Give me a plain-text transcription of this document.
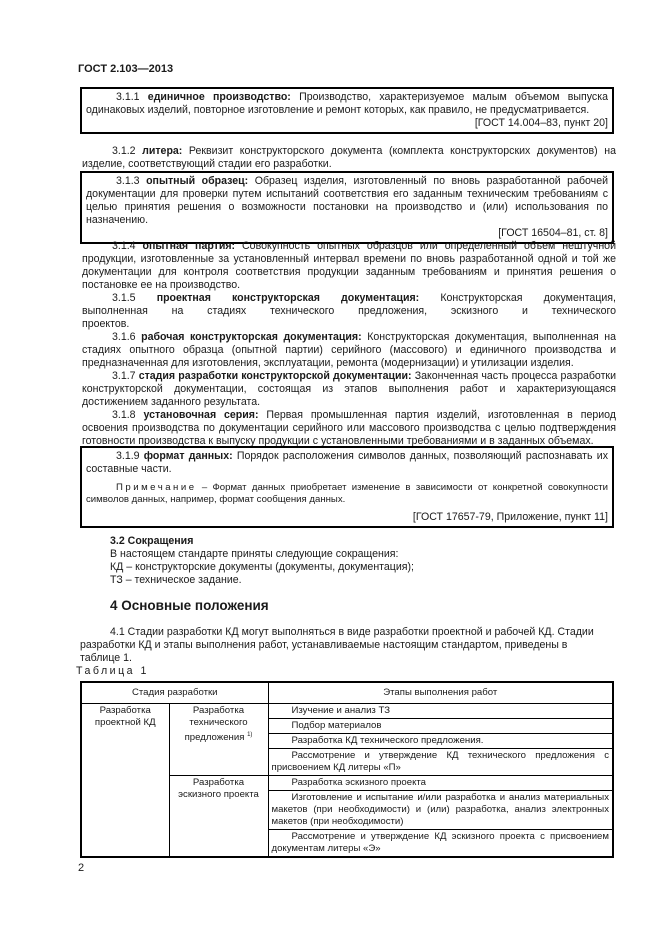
ГОСТ 2.103—2013

3.1.1 единичное производство: Производство, характеризуемое малым объемом выпуска одинаковых изделий, повторное изготовление и ремонт которых, как правило, не предусматривается.

[ГОСТ 14.004–83, пункт 20]

3.1.2 литера: Реквизит конструкторского документа (комплекта конструкторских документов) на изделие, соответствующий стадии его разработки.

3.1.3 опытный образец: Образец изделия, изготовленный по вновь разработанной рабочей документации для проверки путем испытаний соответствия его заданным техническим требованиям с целью принятия решения о возможности постановки на производство и (или) использования по назначению.

[ГОСТ 16504–81, ст. 8]

3.1.4 опытная партия: Совокупность опытных образцов или определенный объем нештучной продукции, изготовленные за установленный интервал времени по вновь разработанной одной и той же документации для контроля соответствия продукции заданным требованиям и принятия решения о постановке ее на производство.

3.1.5 проектная конструкторская документация: Конструкторская документация, выполненная на стадиях технического предложения, эскизного и технического проектов.

3.1.6 рабочая конструкторская документация: Конструкторская документация, выполненная на стадиях опытного образца (опытной партии) серийного (массового) и единичного производства и предназначенная для изготовления, эксплуатации, ремонта (модернизации) и утилизации изделия.

3.1.7 стадия разработки конструкторской документации: Законченная часть процесса разработки конструкторской документации, состоящая из этапов выполнения работ и характеризующаяся достижением заданного результата.

3.1.8 установочная серия: Первая промышленная партия изделий, изготовленная в период освоения производства по документации серийного или массового производства с целью подтверждения готовности производства к выпуску продукции с установленными требованиями и в заданных объемах.

3.1.9 формат данных: Порядок расположения символов данных, позволяющий распознавать их составные части.

Примечание – Формат данных приобретает изменение в зависимости от конкретной совокупности символов данных, например, формат сообщения данных.

[ГОСТ 17657-79, Приложение, пункт 11]

3.2 Сокращения
В настоящем стандарте приняты следующие сокращения:
КД – конструкторские документы (документы, документация);
ТЗ – техническое задание.
4 Основные положения

4.1 Стадии разработки КД могут выполняться в виде разработки проектной и рабочей КД. Стадии разработки КД и этапы выполнения работ, устанавливаемые настоящим стандартом, приведены в таблице 1.

Таблица 1
Стадия разработки		Этапы выполнения работ
Разработка проектной КД	Разработка технического предложения $^{1)}$	Изучение и анализ ТЗ
		Подбор материалов
		Разработка КД технического предложения.
		Рассмотрение и утверждение КД технического предложения с присвоением КД литеры «П»
	Разработка эскизного проекта	Разработка эскизного проекта
		Изготовление и испытание и/или разработка и анализ материальных макетов (при необходимости) и (или) разработка, анализ электронных макетов (при необходимости)
		Рассмотрение и утверждение КД эскизного проекта с присвоением документам литеры «Э»
2
